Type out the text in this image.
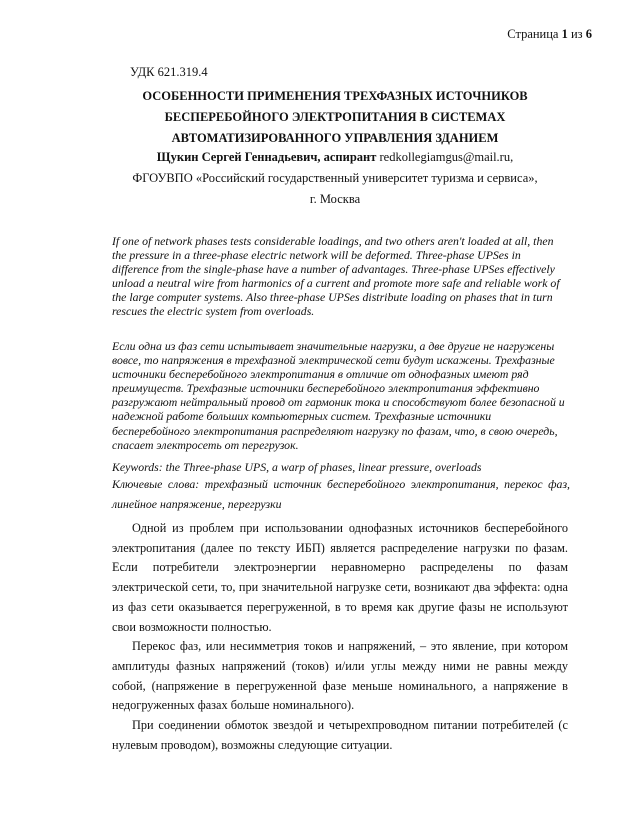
Страница 1 из 6
УДК 621.319.4
ОСОБЕННОСТИ ПРИМЕНЕНИЯ ТРЕХФАЗНЫХ ИСТОЧНИКОВ
БЕСПЕРЕБОЙНОГО ЭЛЕКТРОПИТАНИЯ В СИСТЕМАХ
АВТОМАТИЗИРОВАННОГО УПРАВЛЕНИЯ ЗДАНИЕМ
Щукин Сергей Геннадьевич, аспирант redkollegiamgus@mail.ru,
ФГОУВПО «Российский государственный университет туризма и сервиса»,
г. Москва
If one of network phases tests considerable loadings, and two others aren't loaded at all, then the pressure in a three-phase electric network will be deformed. Three-phase UPSes in difference from the single-phase have a number of advantages. Three-phase UPSes effectively unload a neutral wire from harmonics of a current and promote more safe and reliable work of the large computer systems. Also three-phase UPSes distribute loading on phases that in turn rescues the electric system from overloads.
Если одна из фаз сети испытывает значительные нагрузки, а две другие не нагружены вовсе, то напряжения в трехфазной электрической сети будут искажены. Трехфазные источники бесперебойного электропитания в отличие от однофазных имеют ряд преимуществ. Трехфазные источники бесперебойного электропитания эффективно разгружают нейтральный провод от гармоник тока и способствуют более безопасной и надежной работе больших компьютерных систем. Трехфазные источники бесперебойного электропитания распределяют нагрузку по фазам, что, в свою очередь, спасает электросеть от перегрузок.
Keywords: the Three-phase UPS, a warp of phases, linear pressure, overloads
Ключевые слова: трехфазный источник бесперебойного электропитания, перекос фаз, линейное напряжение, перегрузки

Одной из проблем при использовании однофазных источников бесперебойного электропитания (далее по тексту ИБП) является распределение нагрузки по фазам. Если потребители электроэнергии неравномерно распределены по фазам электрической сети, то, при значительной нагрузке сети, возникают два эффекта: одна из фаз сети оказывается перегруженной, в то время как другие фазы не используют свои возможности полностью.

Перекос фаз, или несимметрия токов и напряжений, – это явление, при котором амплитуды фазных напряжений (токов) и/или углы между ними не равны между собой, (напряжение в перегруженной фазе меньше номинального, а напряжение в недогруженных фазах больше номинального).

При соединении обмоток звездой и четырехпроводном питании потребителей (с нулевым проводом), возможны следующие ситуации.
